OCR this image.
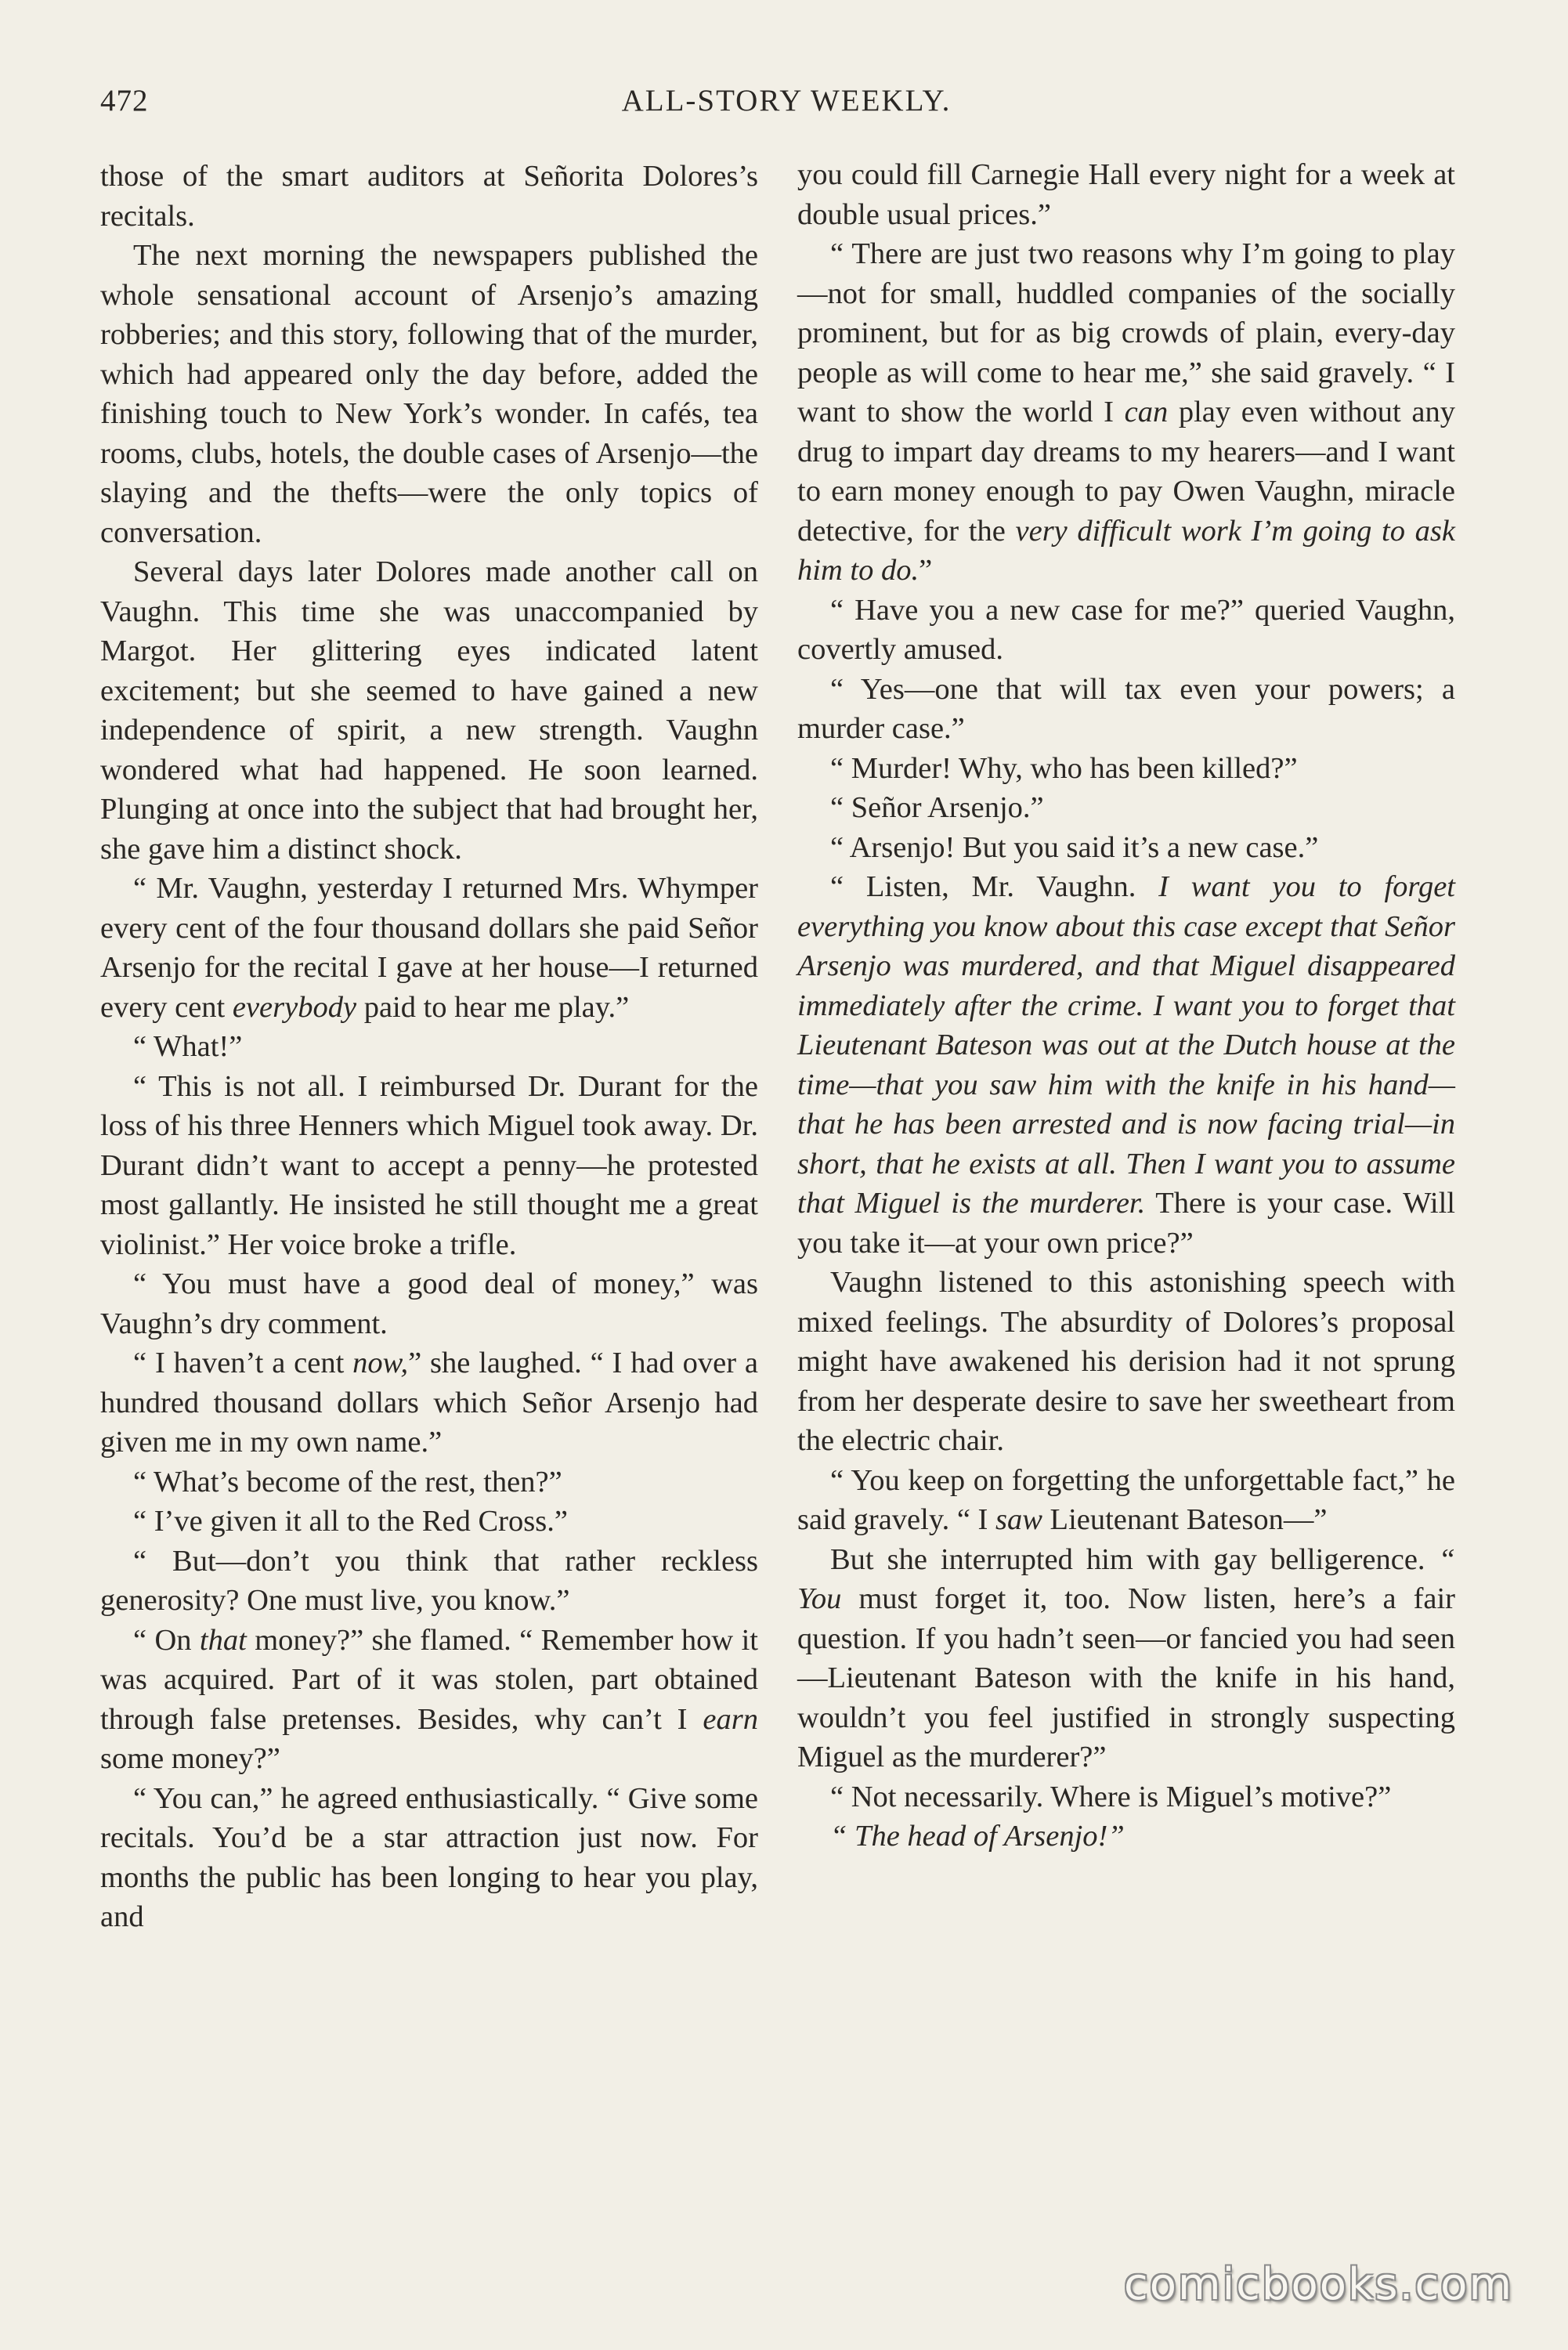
472	ALL-STORY WEEKLY.

those of the smart auditors at Señorita Dolores’s recitals.

The next morning the newspapers published the whole sensational account of Arsenjo’s amazing robberies; and this story, following that of the murder, which had appeared only the day before, added the finishing touch to New York’s wonder. In cafés, tea rooms, clubs, hotels, the double cases of Arsenjo—the slaying and the thefts—were the only topics of conversation.

Several days later Dolores made another call on Vaughn. This time she was unaccompanied by Margot. Her glittering eyes indicated latent excitement; but she seemed to have gained a new independence of spirit, a new strength. Vaughn wondered what had happened. He soon learned. Plunging at once into the subject that had brought her, she gave him a distinct shock.

“ Mr. Vaughn, yesterday I returned Mrs. Whymper every cent of the four thousand dollars she paid Señor Arsenjo for the recital I gave at her house—I returned every cent everybody paid to hear me play.”

“ What!”

“ This is not all. I reimbursed Dr. Durant for the loss of his three Henners which Miguel took away. Dr. Durant didn’t want to accept a penny—he protested most gallantly. He insisted he still thought me a great violinist.” Her voice broke a trifle.

“ You must have a good deal of money,” was Vaughn’s dry comment.

“ I haven’t a cent now,” she laughed. “ I had over a hundred thousand dollars which Señor Arsenjo had given me in my own name.”

“ What’s become of the rest, then?”

“ I’ve given it all to the Red Cross.”

“ But—don’t you think that rather reckless generosity? One must live, you know.”

“ On that money?” she flamed. “ Remember how it was acquired. Part of it was stolen, part obtained through false pretenses. Besides, why can’t I earn some money?”

“ You can,” he agreed enthusiastically. “ Give some recitals. You’d be a star attraction just now. For months the public has been longing to hear you play, and

you could fill Carnegie Hall every night for a week at double usual prices.”

“ There are just two reasons why I’m going to play—not for small, huddled companies of the socially prominent, but for as big crowds of plain, every-day people as will come to hear me,” she said gravely. “ I want to show the world I can play even without any drug to impart day dreams to my hearers—and I want to earn money enough to pay Owen Vaughn, miracle detective, for the very difficult work I’m going to ask him to do.”

“ Have you a new case for me?” queried Vaughn, covertly amused.

“ Yes—one that will tax even your powers; a murder case.”

“ Murder! Why, who has been killed?”

“ Señor Arsenjo.”

“ Arsenjo! But you said it’s a new case.”

“ Listen, Mr. Vaughn. I want you to forget everything you know about this case except that Señor Arsenjo was murdered, and that Miguel disappeared immediately after the crime. I want you to forget that Lieutenant Bateson was out at the Dutch house at the time—that you saw him with the knife in his hand—that he has been arrested and is now facing trial—in short, that he exists at all. Then I want you to assume that Miguel is the murderer. There is your case. Will you take it—at your own price?”

Vaughn listened to this astonishing speech with mixed feelings. The absurdity of Dolores’s proposal might have awakened his derision had it not sprung from her desperate desire to save her sweetheart from the electric chair.

“ You keep on forgetting the unforgettable fact,” he said gravely. “ I saw Lieutenant Bateson—”

But she interrupted him with gay belligerence. “ You must forget it, too. Now listen, here’s a fair question. If you hadn’t seen—or fancied you had seen—Lieutenant Bateson with the knife in his hand, wouldn’t you feel justified in strongly suspecting Miguel as the murderer?”

“ Not necessarily. Where is Miguel’s motive?”

“ The head of Arsenjo!”

comicbooks.com
